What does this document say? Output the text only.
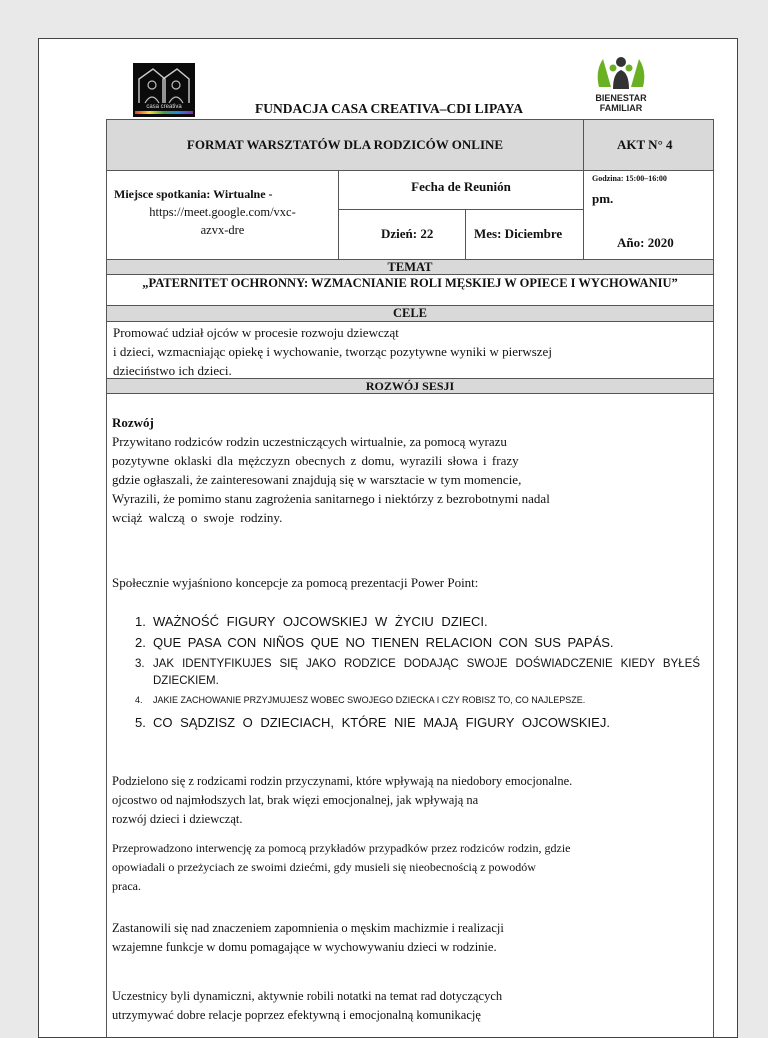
casa creativa
BIENESTAR
FAMILIAR
FUNDACJA CASA CREATIVA–CDI LIPAYA
FORMAT WARSZTATÓW DLA RODZICÓW ONLINE	AKT N° 4
Miejsce spotkania: Wirtualne -
https://meet.google.com/vxc-
azvx-dre
Fecha de Reunión
Godzina: 15:00–16:00
pm.
Año: 2020
Dzień: 22	Mes: Diciembre
TEMAT
„PATERNITET OCHRONNY: WZMACNIANIE ROLI MĘSKIEJ W OPIECE I WYCHOWANIU”
CELE
Promować udział ojców w procesie rozwoju dziewcząt
i dzieci, wzmacniając opiekę i wychowanie, tworząc pozytywne wyniki w pierwszej
dzieciństwo ich dzieci.
ROZWÓJ SESJI
Rozwój
Przywitano rodziców rodzin uczestniczących wirtualnie, za pomocą wyrazu
pozytywne oklaski dla mężczyzn obecnych z domu, wyrazili słowa i frazy
gdzie ogłaszali, że zainteresowani znajdują się w warsztacie w tym momencie,
Wyrazili, że pomimo stanu zagrożenia sanitarnego i niektórzy z bezrobotnymi nadal
wciąż walczą o swoje rodziny.
Społecznie wyjaśniono koncepcje za pomocą prezentacji Power Point:
1. WAŻNOŚĆ FIGURY OJCOWSKIEJ W ŻYCIU DZIECI.
2. QUE PASA CON NIÑOS QUE NO TIENEN RELACION CON SUS PAPÁS.
3. JAK IDENTYFIKUJES SIĘ JAKO RODZICE DODAJĄC SWOJE DOŚWIADCZENIE KIEDY BYŁEŚ DZIECKIEM.
4. JAKIE ZACHOWANIE PRZYJMUJESZ WOBEC SWOJEGO DZIECKA I CZY ROBISZ TO, CO NAJLEPSZE.
5. CO SĄDZISZ O DZIECIACH, KTÓRE NIE MAJĄ FIGURY OJCOWSKIEJ.
Podzielono się z rodzicami rodzin przyczynami, które wpływają na niedobory emocjonalne.
ojcostwo od najmłodszych lat, brak więzi emocjonalnej, jak wpływają na
rozwój dzieci i dziewcząt.
Przeprowadzono interwencję za pomocą przykładów przypadków przez rodziców rodzin, gdzie
opowiadali o przeżyciach ze swoimi dziećmi, gdy musieli się nieobecnością z powodów
praca.
Zastanowili się nad znaczeniem zapomnienia o męskim machizmie i realizacji
wzajemne funkcje w domu pomagające w wychowywaniu dzieci w rodzinie.
Uczestnicy byli dynamiczni, aktywnie robili notatki na temat rad dotyczących
utrzymywać dobre relacje poprzez efektywną i emocjonalną komunikację
